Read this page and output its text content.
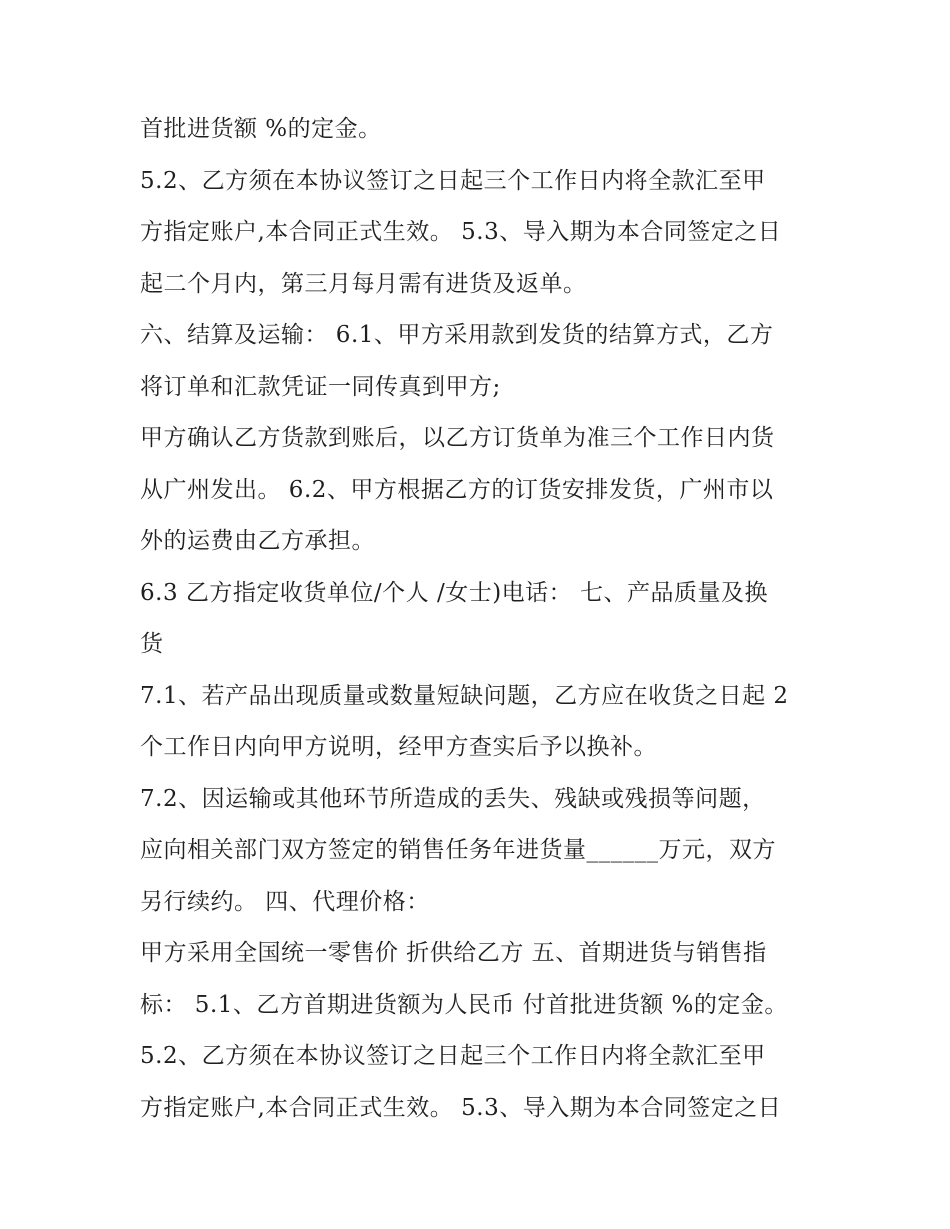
首批进货额 %的定金。
5.2、乙方须在本协议签订之日起三个工作日内将全款汇至甲
方指定账户,本合同正式生效。 5.3、导入期为本合同签定之日
起二个月内，第三月每月需有进货及返单。
六、结算及运输： 6.1、甲方采用款到发货的结算方式，乙方
将订单和汇款凭证一同传真到甲方;
甲方确认乙方货款到账后，以乙方订货单为准三个工作日内货
从广州发出。 6.2、甲方根据乙方的订货安排发货，广州市以
外的运费由乙方承担。
6.3 乙方指定收货单位/个人 /女士)电话： 七、产品质量及换
货
7.1、若产品出现质量或数量短缺问题，乙方应在收货之日起 2
个工作日内向甲方说明，经甲方查实后予以换补。
7.2、因运输或其他环节所造成的丢失、残缺或残损等问题，
应向相关部门双方签定的销售任务年进货量______万元，双方
另行续约。 四、代理价格：
甲方采用全国统一零售价 折供给乙方 五、首期进货与销售指
标： 5.1、乙方首期进货额为人民币 付首批进货额 %的定金。
5.2、乙方须在本协议签订之日起三个工作日内将全款汇至甲
方指定账户,本合同正式生效。 5.3、导入期为本合同签定之日
